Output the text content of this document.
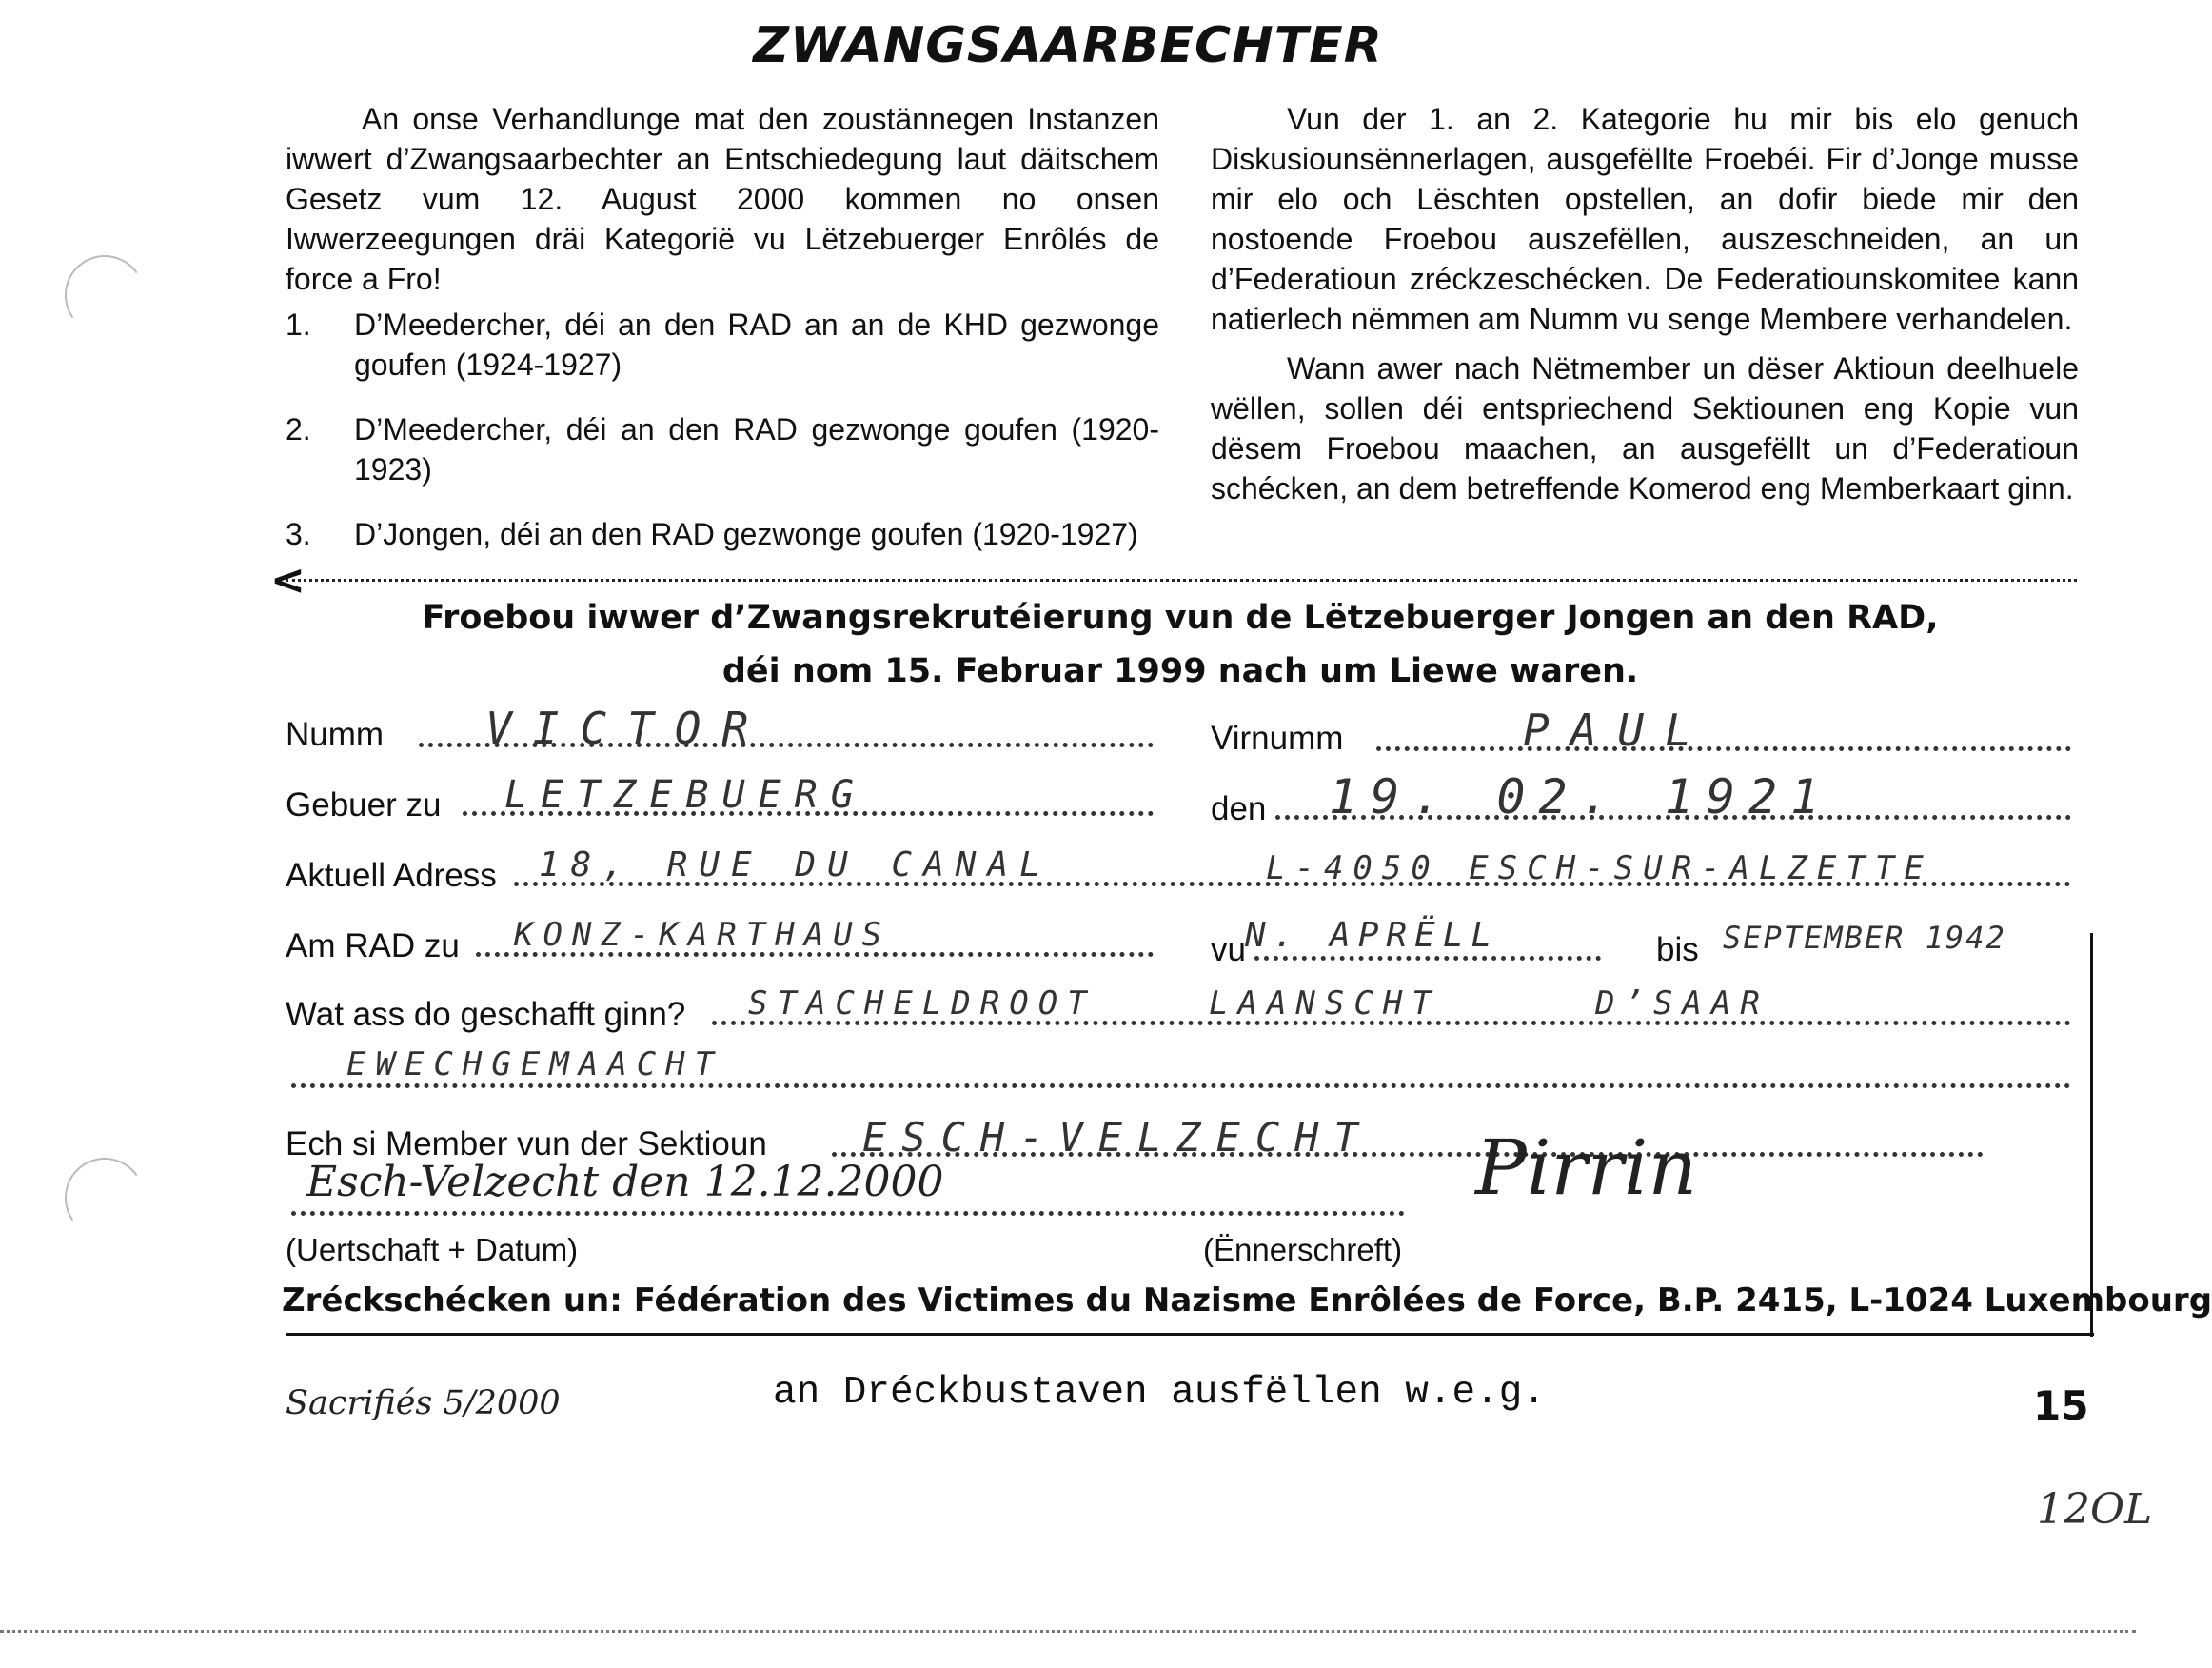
ZWANGSAARBECHTER

An onse Verhandlunge mat den zoustännegen Instanzen iwwert d’Zwangsaarbechter an Entschiedegung laut däitschem Gesetz vum 12. August 2000 kommen no onsen Iwwerzeegungen dräi Kategorië vu Lëtzebuerger Enrôlés de force a Fro!

1. D’Meedercher, déi an den RAD an an de KHD gezwonge goufen (1924-1927)
2. D’Meedercher, déi an den RAD gezwonge goufen (1920-1923)
3. D’Jongen, déi an den RAD gezwonge goufen (1920-1927)

Vun der 1. an 2. Kategorie hu mir bis elo genuch Diskusiounsënnerlagen, ausgefëllte Froebéi. Fir d’Jonge musse mir elo och Lëschten opstellen, an dofir biede mir den nostoende Froebou auszefëllen, auszeschneiden, an un d’Federatioun zréckzeschécken. De Federatiounskomitee kann natierlech nëmmen am Numm vu senge Membere verhandelen.

Wann awer nach Nëtmember un dëser Aktioun deelhuele wëllen, sollen déi entspriechend Sektiounen eng Kopie vun dësem Froebou maachen, an ausgefëllt un d’Federatioun schécken, an dem betreffende Komerod eng Memberkaart ginn.

<
Froebou iwwer d’Zwangsrekrutéierung vun de Lëtzebuerger Jongen an den RAD,
déi nom 15. Februar 1999 nach um Liewe waren.
Numm VICTOR	Virnumm	PAUL
Gebuer zu LETZEBUERG	den 19. 02. 1921
Aktuell Adress 18, RUE DU CANAL	L-4050 ESCH-SUR-ALZETTE
Am RAD zu KONZ-KARTHAUS	vu N. APRËLL	bis SEPTEMBER 1942
Wat ass do geschafft ginn? STACHELDROOT	LAANSCHT	D’SAAR
EWECHGEMAACHT
Ech si Member vun der Sektioun ESCH-VELZECHT
Esch-Velzecht den 12.12.2000	Pirrin
(Uertschaft + Datum)	(Ënnerschreft)
Zréckschécken un: Fédération des Victimes du Nazisme Enrôlées de Force, B.P. 2415, L-1024 Luxembourg
Sacrifiés 5/2000	an Dréckbustaven ausfëllen w.e.g.	15
12OL
